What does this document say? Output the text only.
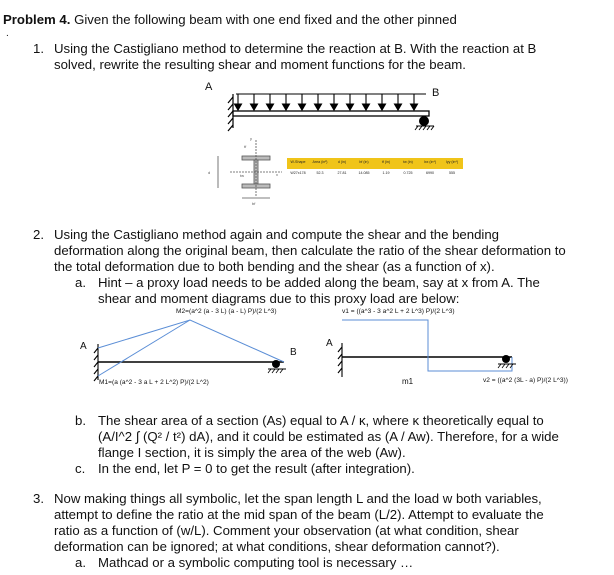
Problem 4. Given the following beam with one end fixed and the other pinned
.
1. Using the Castigliano method to determine the reaction at B. With the reaction at B
solved, rewrite the resulting shear and moment functions for the beam.
A	B
2. Using the Castigliano method again and compute the shear and the bending
deformation along the original beam, then calculate the ratio of the shear deformation to
the total deformation due to both bending and the shear (as a function of x).
a. Hint – a proxy load needs to be added along the beam, say at x from A. The
shear and moment diagrams due to this proxy load are below:
M2=(a^2 (a - 3 L) (a - L) P)/(2 L^3)	v1 = ((a^3 - 3 a^2 L + 2 L^3) P)/(2 L^3)
M1=(a (a^2 - 3 a L + 2 L^2) P)/(2 L^2)	m1	v2 = ((a^2 (3L - a) P)/(2 L^3))
A
B
A
b. The shear area of a section (As) equal to A / κ, where κ theoretically equal to
(A/I^2 ∫ (Q² / t²) dA), and it could be estimated as (A / Aw). Therefore, for a wide
flange I section, it is simply the area of the web (Aw).
c. In the end, let P = 0 to get the result (after integration).
3. Now making things all symbolic, let the span length L and the load w both variables,
attempt to define the ratio at the mid span of the beam (L/2). Attempt to evaluate the
ratio as a function of (w/L). Comment your observation (at what condition, shear
deformation can be ignored; at what conditions, shear deformation cannot?).
a. Mathcad or a symbolic computing tool is necessary …
tf
d	x
y
tw
bf
W-Shape	Area (in²)	d (in)	bf (in)	tf (in)	tw (in)	Ixx (in⁴)	Iyy (in⁴)
W27x178	52.3	27.81	14.085	1.19	0.725	6990	555
